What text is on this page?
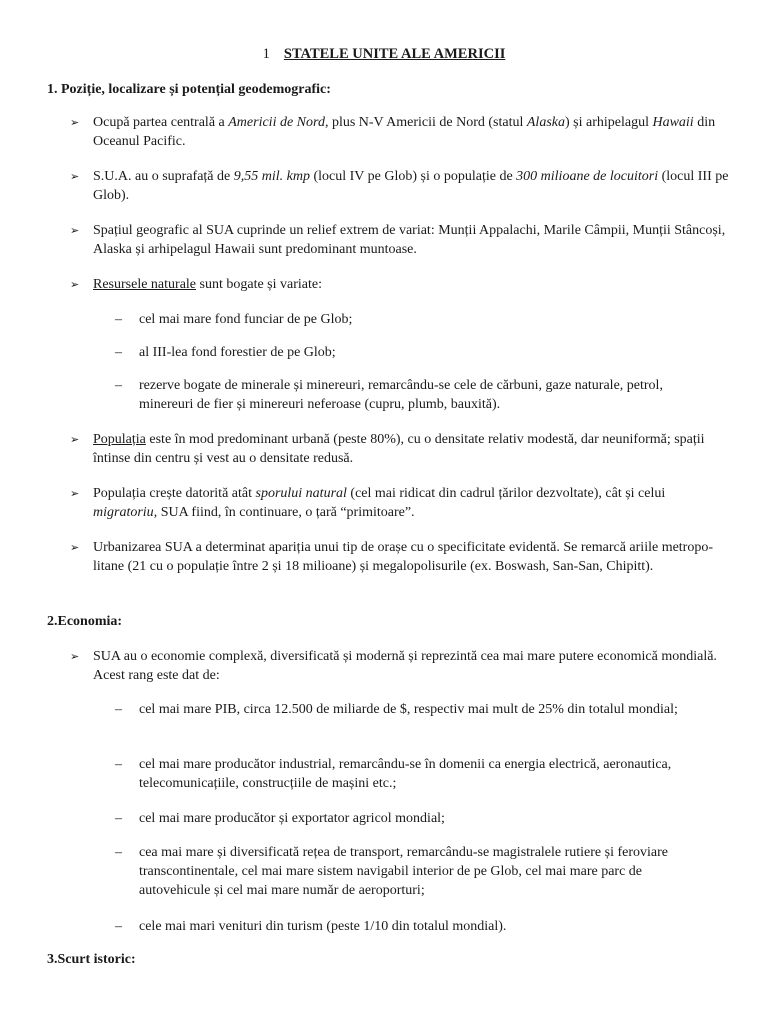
1 STATELE UNITE ALE AMERICII
1. Poziție, localizare și potențial geodemografic:
➢ Ocupă partea centrală a Americii de Nord, plus N-V Americii de Nord (statul Alaska) și arhipelagul Hawaii din Oceanul Pacific.
➢ S.U.A. au o suprafață de 9,55 mil. kmp (locul IV pe Glob) și o populație de 300 milioane de locuitori (locul III pe Glob).
➢ Spațiul geografic al SUA cuprinde un relief extrem de variat: Munții Appalachi, Marile Câmpii, Munții Stâncoși, Alaska și arhipelagul Hawaii sunt predominant muntoase.
➢ Resursele naturale sunt bogate și variate:
– cel mai mare fond funciar de pe Glob;
– al III-lea fond forestier de pe Glob;
– rezerve bogate de minerale și minereuri, remarcându-se cele de cărbuni, gaze naturale, petrol, minereuri de fier și minereuri neferoase (cupru, plumb, bauxită).
➢ Populația este în mod predominant urbană (peste 80%), cu o densitate relativ modestă, dar neuniformă; spații întinse din centru și vest au o densitate redusă.
➢ Populația crește datorită atât sporului natural (cel mai ridicat din cadrul țărilor dezvoltate), cât și celui migratoriu, SUA fiind, în continuare, o țară “primitoare”.
➢ Urbanizarea SUA a determinat apariția unui tip de orașe cu o specificitate evidentă. Se remarcă ariile metropo-litane (21 cu o populație între 2 și 18 milioane) și megalopolisurile (ex. Boswash, San-San, Chipitt).
2.Economia:
➢ SUA au o economie complexă, diversificată și modernă și reprezintă cea mai mare putere economică mondială. Acest rang este dat de:
– cel mai mare PIB, circa 12.500 de miliarde de $, respectiv mai mult de 25% din totalul mondial;
– cel mai mare producător industrial, remarcându-se în domenii ca energia electrică, aeronautica, telecomunicațiile, construcțiile de mașini etc.;
– cel mai mare producător și exportator agricol mondial;
– cea mai mare și diversificată rețea de transport, remarcându-se magistralele rutiere și feroviare transcontinentale, cel mai mare sistem navigabil interior de pe Glob, cel mai mare parc de autovehicule și cel mai mare număr de aeroporturi;
– cele mai mari venituri din turism (peste 1/10 din totalul mondial).
3.Scurt istoric:
